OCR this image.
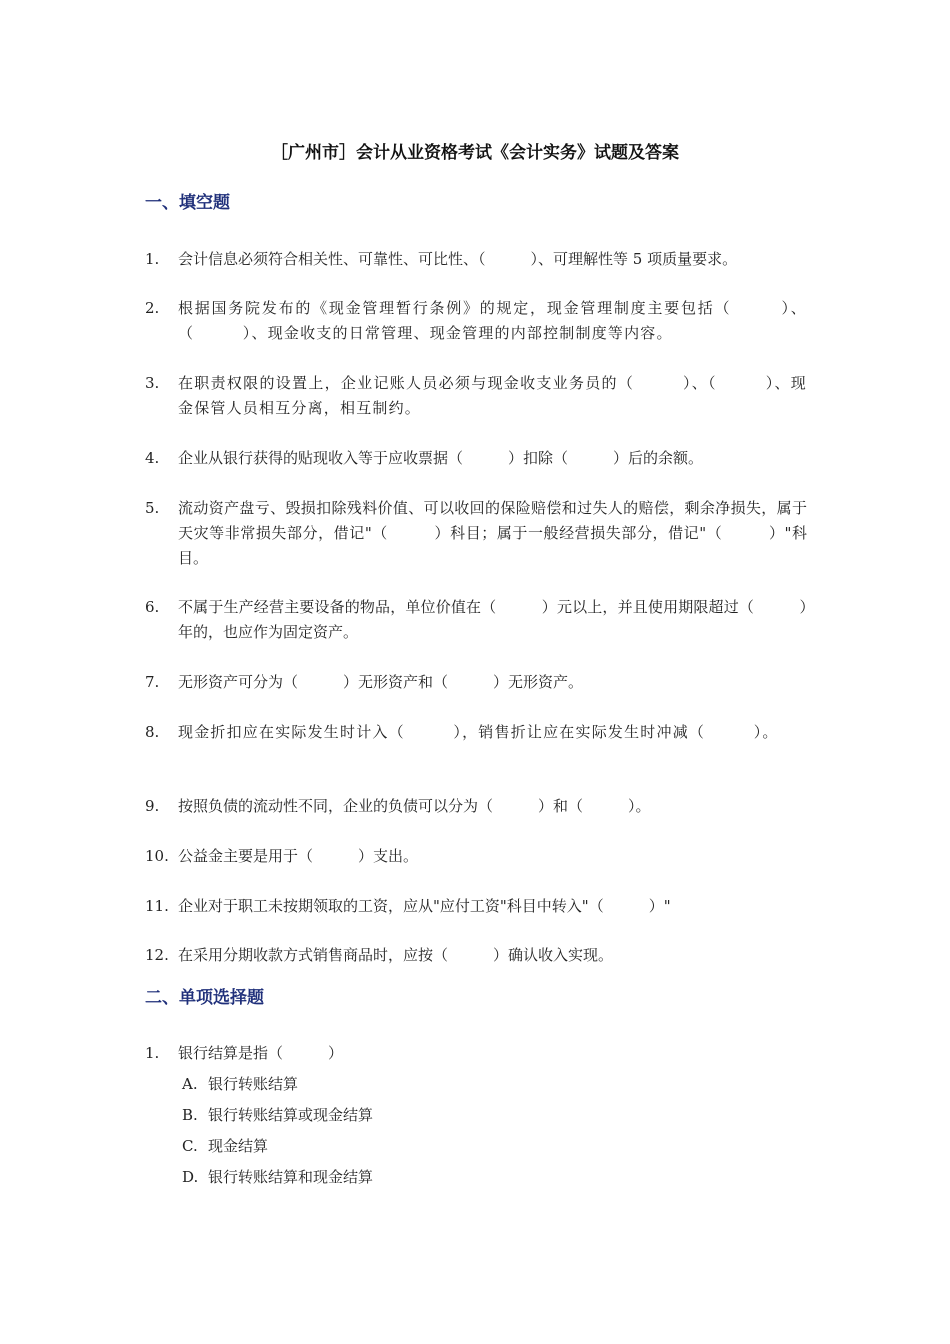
［广州市］会计从业资格考试《会计实务》试题及答案
一、填空题
1. 会计信息必须符合相关性、可靠性、可比性、（　　　）、可理解性等 5 项质量要求。
2. 根据国务院发布的《现金管理暂行条例》的规定，现金管理制度主要包括（　　　）、（　　　）、现金收支的日常管理、现金管理的内部控制制度等内容。
3. 在职责权限的设置上，企业记账人员必须与现金收支业务员的（　　　）、（　　　）、现金保管人员相互分离，相互制约。
4. 企业从银行获得的贴现收入等于应收票据（　　　）扣除（　　　）后的余额。
5. 流动资产盘亏、毁损扣除残料价值、可以收回的保险赔偿和过失人的赔偿，剩余净损失，属于天灾等非常损失部分，借记"（　　　）科目；属于一般经营损失部分，借记"（　　　）"科目。
6. 不属于生产经营主要设备的物品，单位价值在（　　　）元以上，并且使用期限超过（　　　）年的，也应作为固定资产。
7. 无形资产可分为（　　　）无形资产和（　　　）无形资产。
8. 现金折扣应在实际发生时计入（　　　），销售折让应在实际发生时冲减（　　　）。
9. 按照负债的流动性不同，企业的负债可以分为（　　　）和（　　　）。
10. 公益金主要是用于（　　　）支出。
11. 企业对于职工未按期领取的工资，应从"应付工资"科目中转入"（　　　）"
12. 在采用分期收款方式销售商品时，应按（　　　）确认收入实现。
二、单项选择题
1. 银行结算是指（　　　）
A. 银行转账结算
B. 银行转账结算或现金结算
C. 现金结算
D. 银行转账结算和现金结算
